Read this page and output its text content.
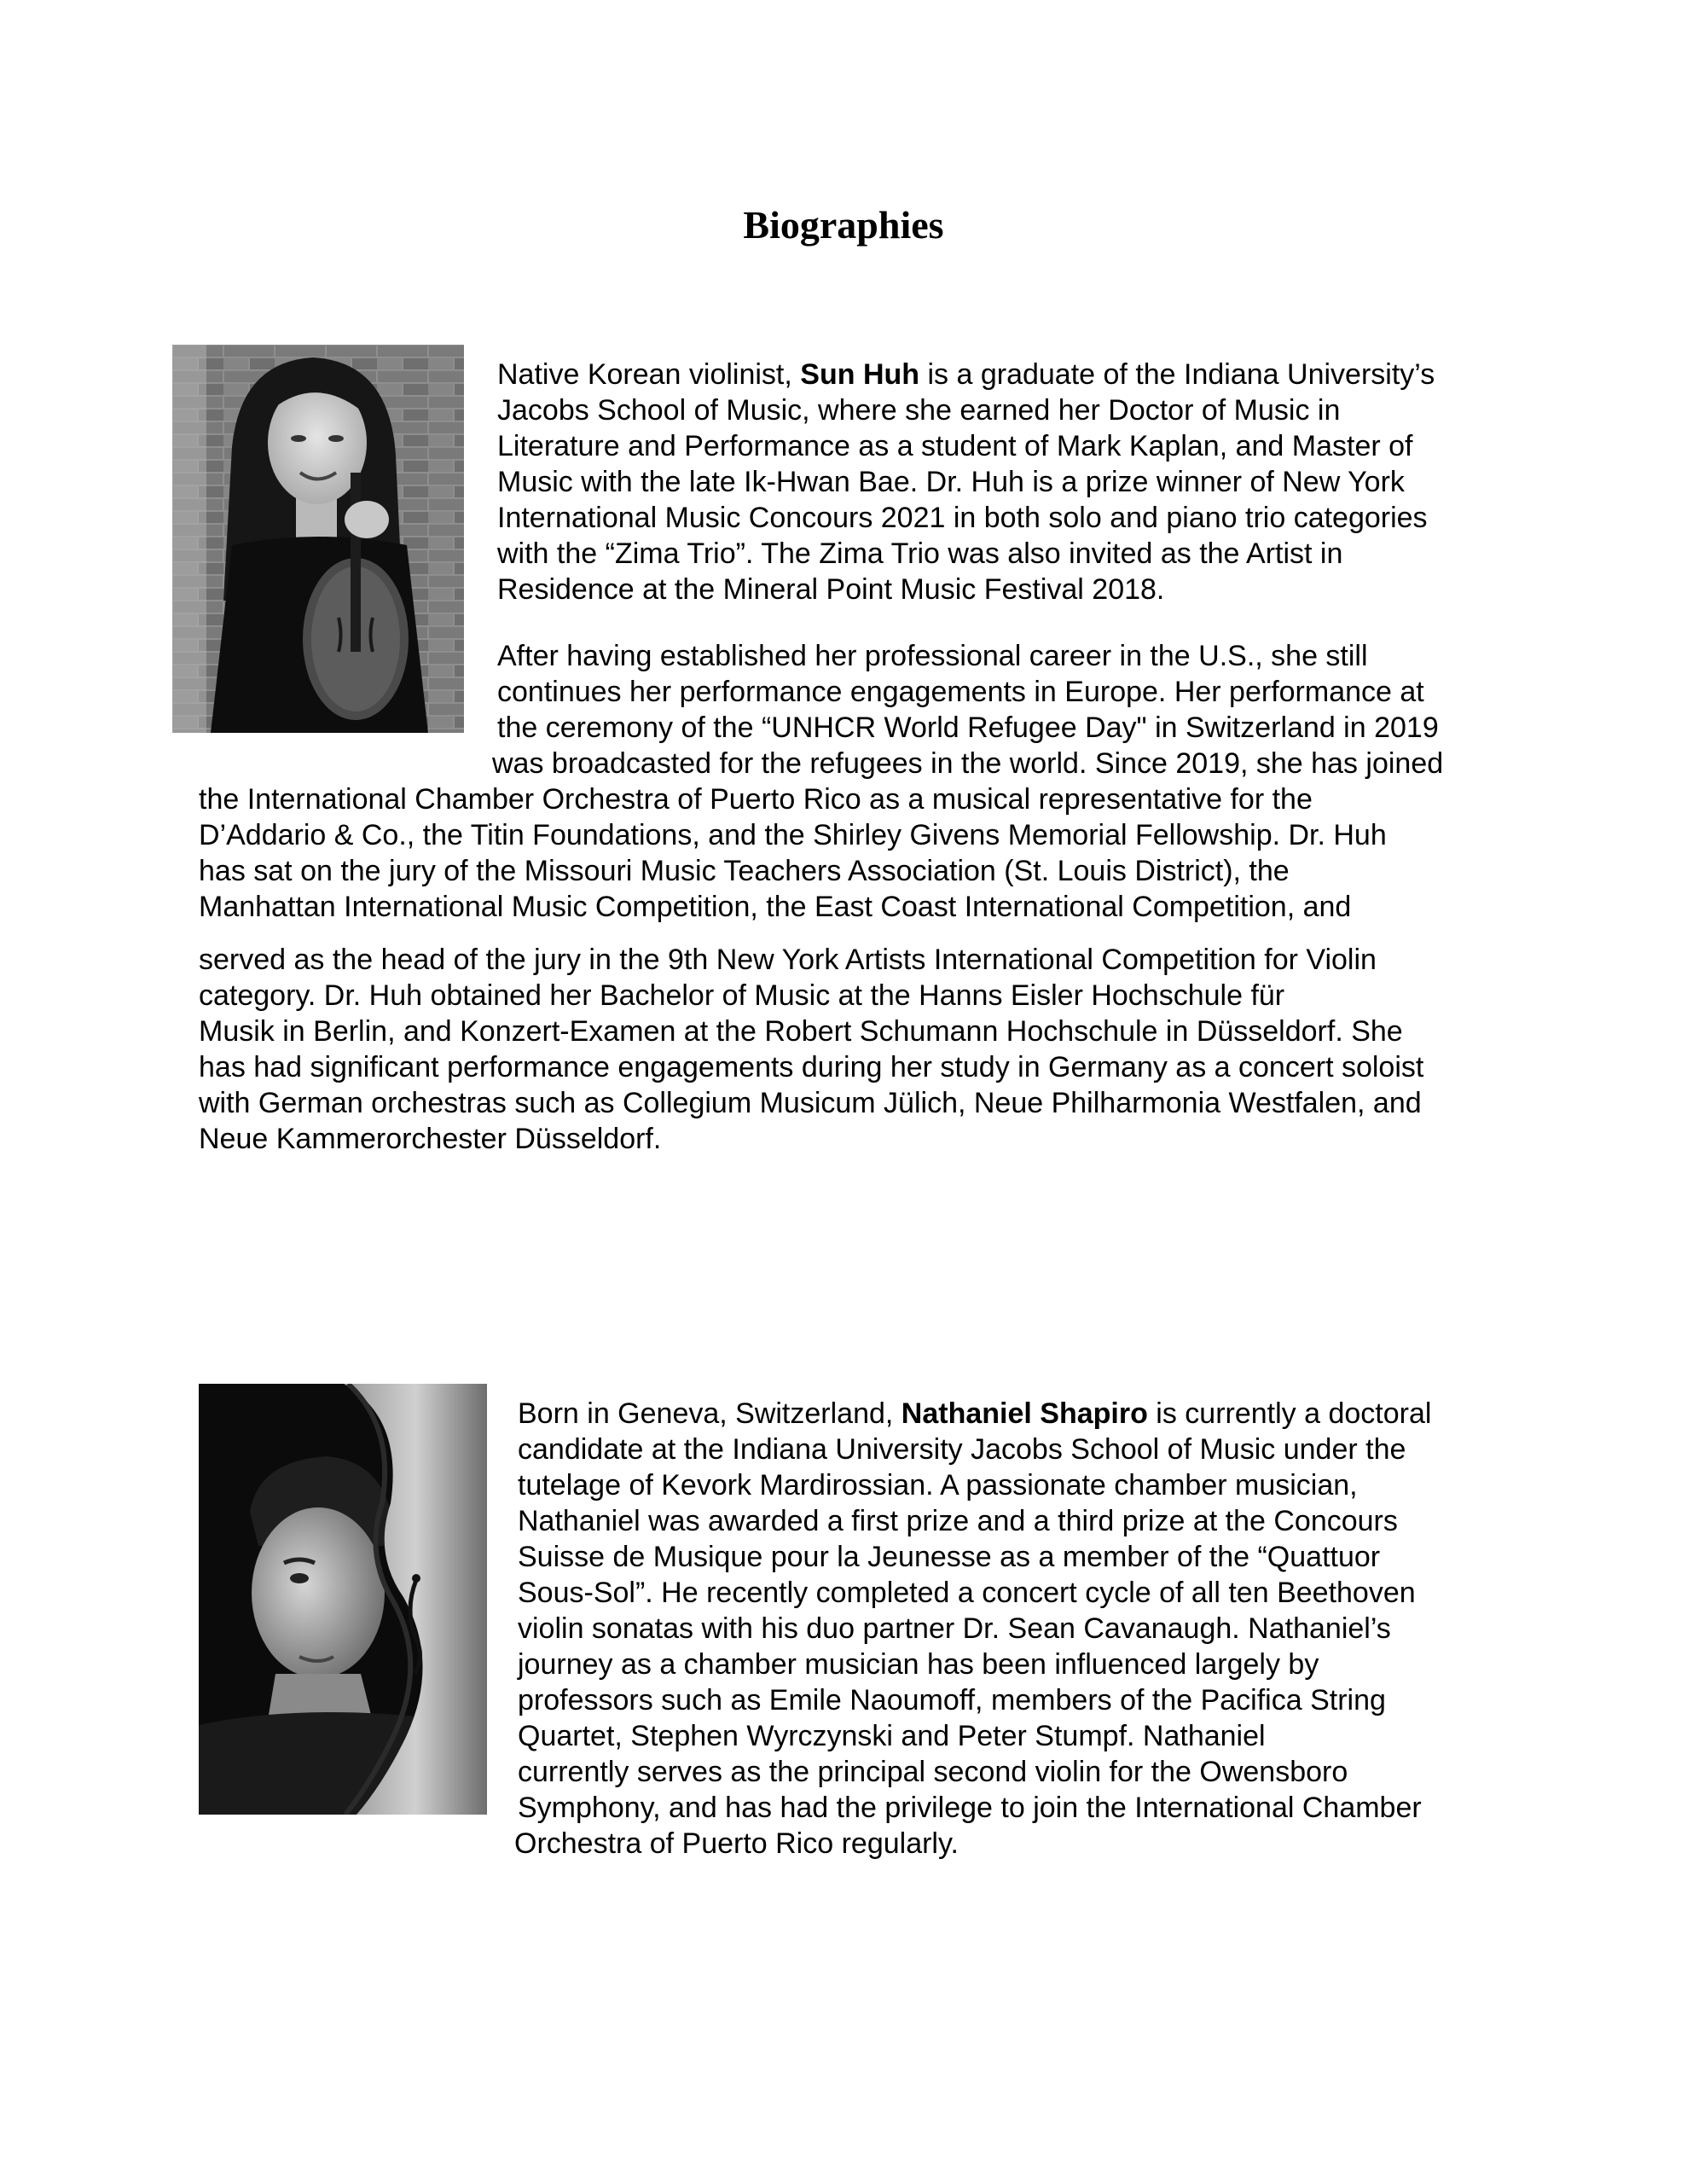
Biographies
Native Korean violinist, Sun Huh is a graduate of the Indiana University’s
Jacobs School of Music, where she earned her Doctor of Music in
Literature and Performance as a student of Mark Kaplan, and Master of
Music with the late Ik-Hwan Bae. Dr. Huh is a prize winner of New York
International Music Concours 2021 in both solo and piano trio categories
with the “Zima Trio”. The Zima Trio was also invited as the Artist in
Residence at the Mineral Point Music Festival 2018.
After having established her professional career in the U.S., she still
continues her performance engagements in Europe. Her performance at
the ceremony of the “UNHCR World Refugee Day" in Switzerland in 2019
was broadcasted for the refugees in the world. Since 2019, she has joined
the International Chamber Orchestra of Puerto Rico as a musical representative for the
D’Addario & Co., the Titin Foundations, and the Shirley Givens Memorial Fellowship. Dr. Huh
has sat on the jury of the Missouri Music Teachers Association (St. Louis District), the
Manhattan International Music Competition, the East Coast International Competition, and
served as the head of the jury in the 9th New York Artists International Competition for Violin
category. Dr. Huh obtained her Bachelor of Music at the Hanns Eisler Hochschule für
Musik in Berlin, and Konzert-Examen at the Robert Schumann Hochschule in Düsseldorf. She
has had significant performance engagements during her study in Germany as a concert soloist
with German orchestras such as Collegium Musicum Jülich, Neue Philharmonia Westfalen, and
Neue Kammerorchester Düsseldorf.
Born in Geneva, Switzerland, Nathaniel Shapiro is currently a doctoral
candidate at the Indiana University Jacobs School of Music under the
tutelage of Kevork Mardirossian. A passionate chamber musician,
Nathaniel was awarded a first prize and a third prize at the Concours
Suisse de Musique pour la Jeunesse as a member of the “Quattuor
Sous-Sol”. He recently completed a concert cycle of all ten Beethoven
violin sonatas with his duo partner Dr. Sean Cavanaugh. Nathaniel’s
journey as a chamber musician has been influenced largely by
professors such as Emile Naoumoff, members of the Pacifica String
Quartet, Stephen Wyrczynski and Peter Stumpf. Nathaniel
currently serves as the principal second violin for the Owensboro
Symphony, and has had the privilege to join the International Chamber
Orchestra of Puerto Rico regularly.
